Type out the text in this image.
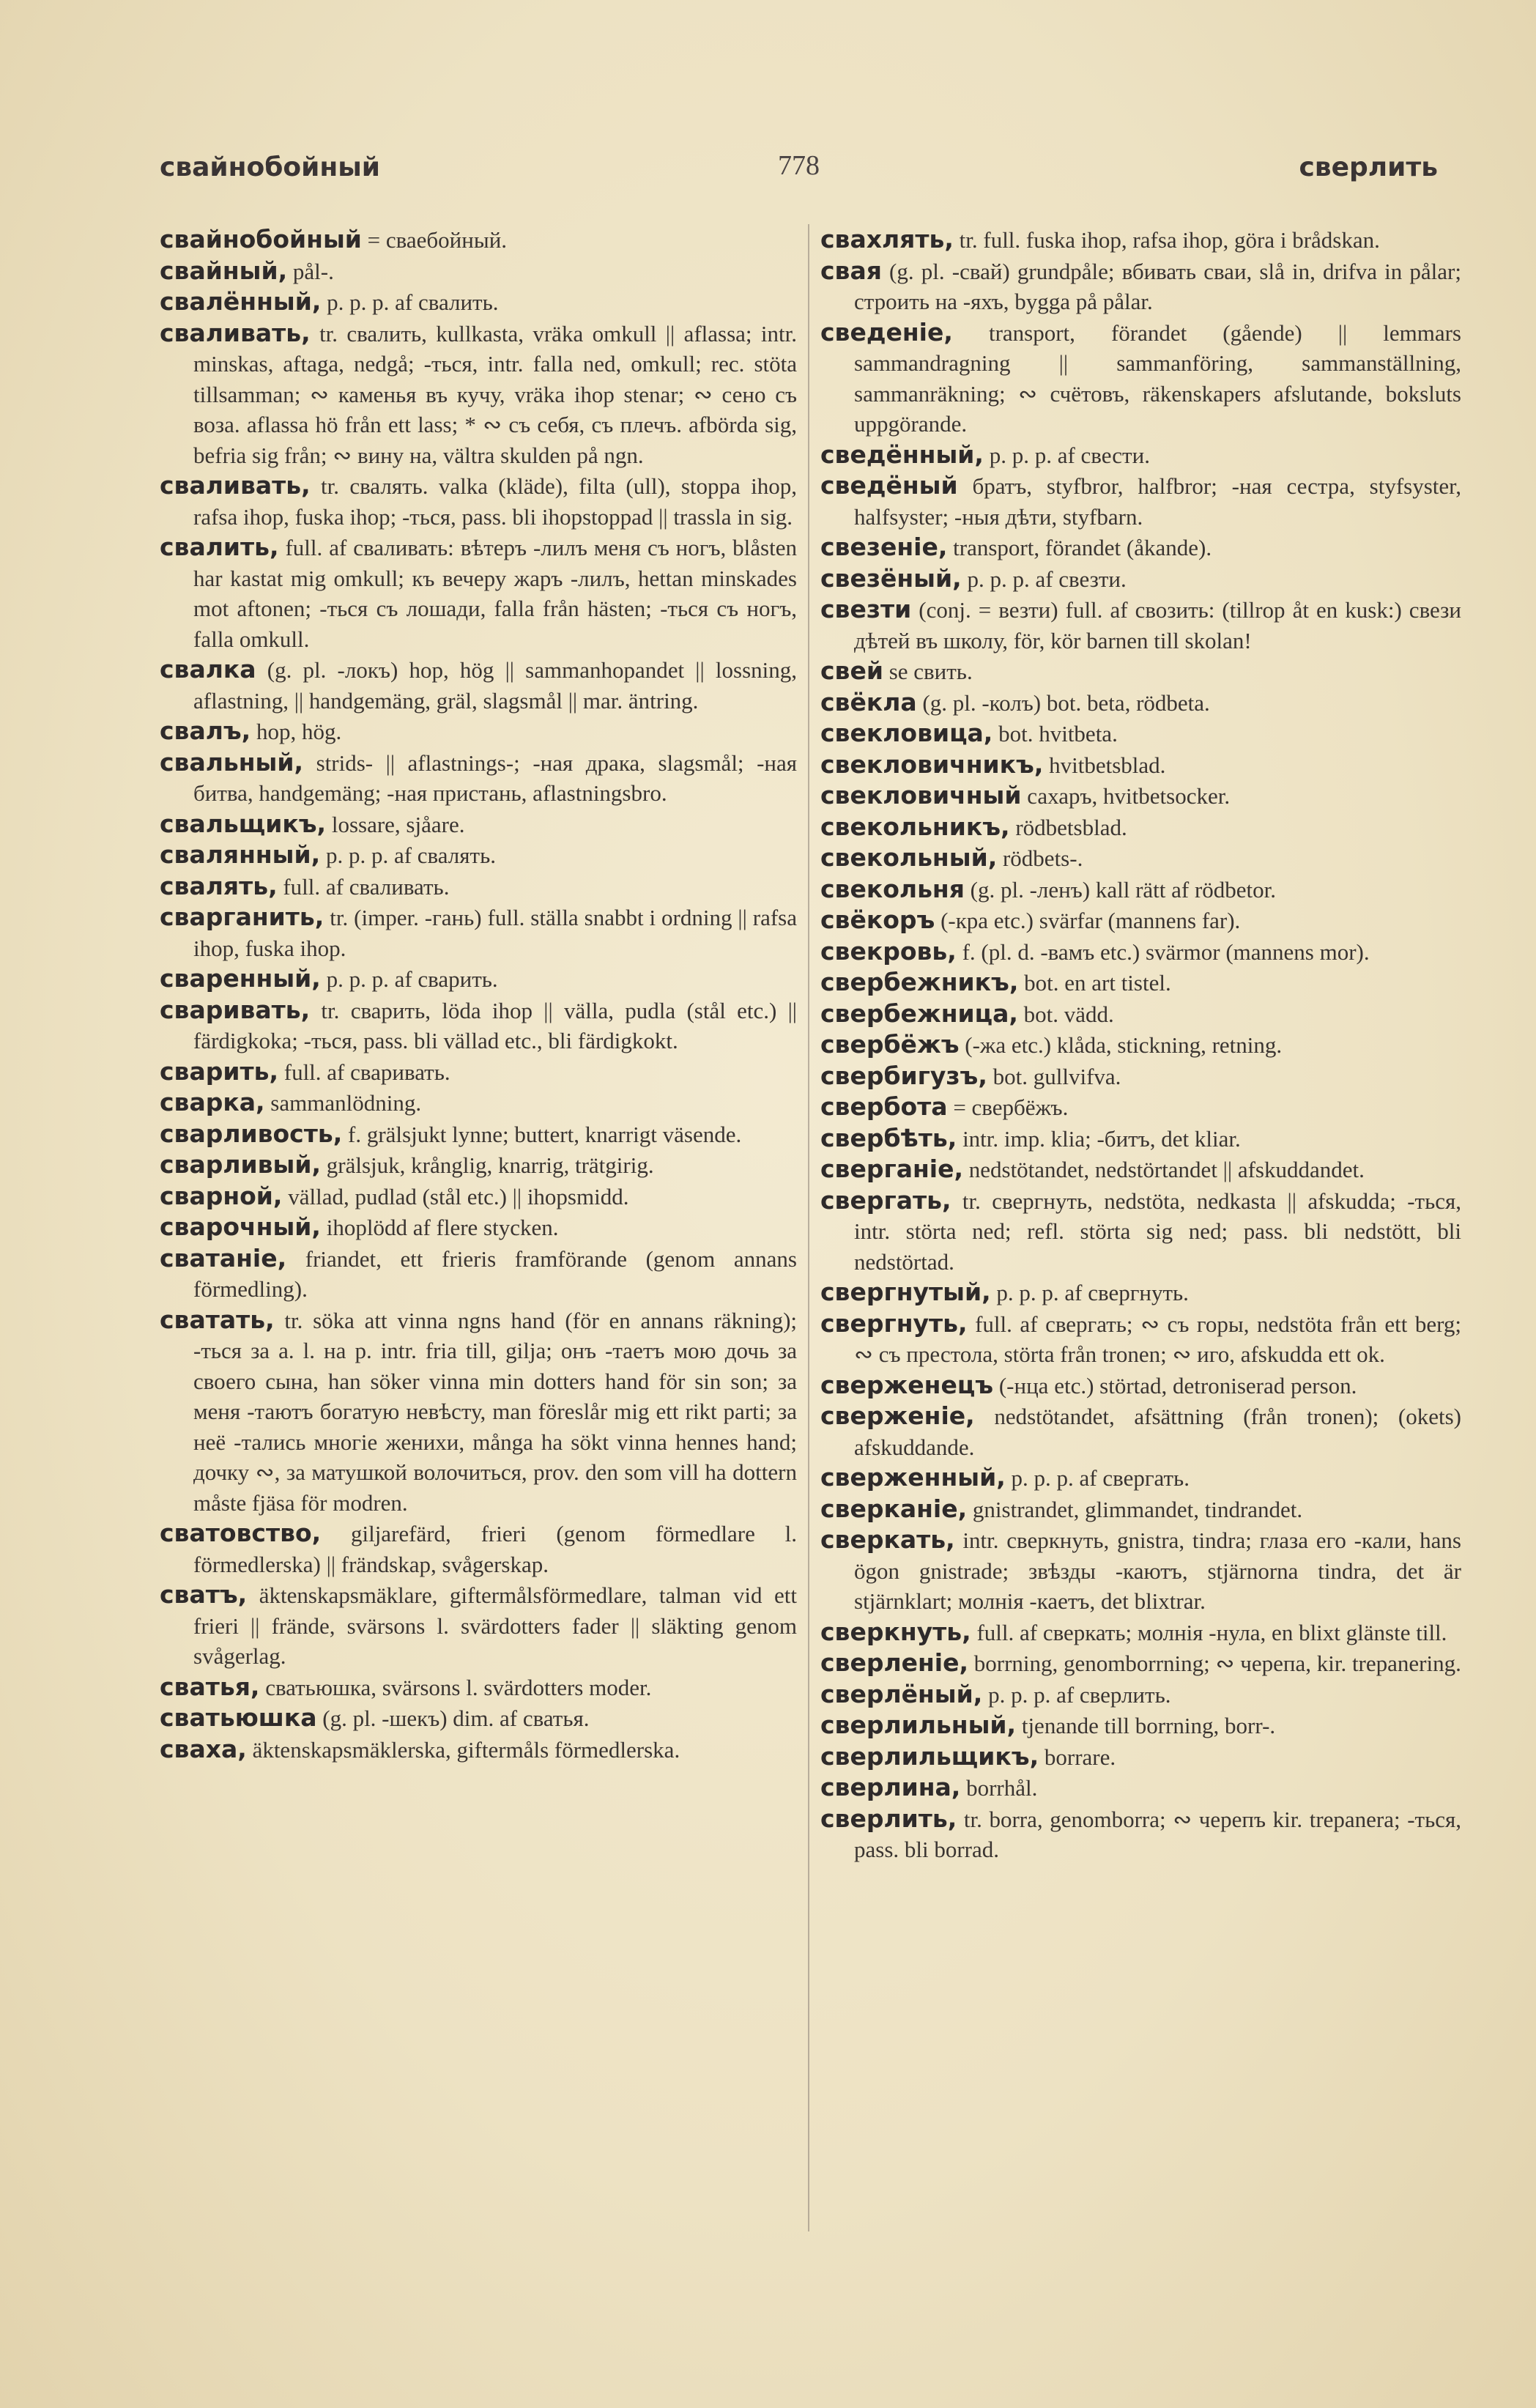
свайнобойный	778	сверлить

свайнобойный = сваебойный.

свайный, pål-.

свалённый, p. p. p. af свалить.

сваливать, tr. свалить, kullkasta, vräka omkull || aflassa; intr. minskas, aftaga, nedgå; -ться, intr. falla ned, omkull; rec. stöta tillsamman; ∾ каменья въ кучу, vräka ihop stenar; ∾ сено съ воза. aflassa hö från ett lass; * ∾ съ себя, съ плечъ. afbörda sig, befria sig från; ∾ вину на, vältra skulden på ngn.

сваливать, tr. свалять. valka (kläde), filta (ull), stoppa ihop, rafsa ihop, fuska ihop; -ться, pass. bli ihopstoppad || trassla in sig.

свалить, full. af сваливать: вѣтеръ -лилъ меня съ ногъ, blåsten har kastat mig omkull; къ вечеру жаръ -лилъ, hettan minskades mot aftonen; -ться съ лошади, falla från hästen; -ться съ ногъ, falla omkull.

свалка (g. pl. -локъ) hop, hög || sammanhopandet || lossning, aflastning, || handgemäng, gräl, slagsmål || mar. äntring.

свалъ, hop, hög.

свальный, strids- || aflastnings-; -ная драка, slagsmål; -ная битва, handgemäng; -ная пристань, aflastningsbro.

свальщикъ, lossare, sjåare.

свалянный, p. p. p. af свалять.

свалять, full. af сваливать.

сварганить, tr. (imper. -гань) full. ställa snabbt i ordning || rafsa ihop, fuska ihop.

сваренный, p. p. p. af сварить.

сваривать, tr. сварить, löda ihop || välla, pudla (stål etc.) || färdigkoka; -ться, pass. bli vällad etc., bli färdigkokt.

сварить, full. af сваривать.

сварка, sammanlödning.

сварливость, f. grälsjukt lynne; buttert, knarrigt väsende.

сварливый, grälsjuk, krånglig, knarrig, trätgirig.

сварной, vällad, pudlad (stål etc.) || ihopsmidd.

сварочный, ihoplödd af flere stycken.

сватаніе, friandet, ett frieris framförande (genom annans förmedling).

сватать, tr. söka att vinna ngns hand (för en annans räkning); -ться за a. l. на p. intr. fria till, gilja; онъ -таетъ мою дочь за своего сына, han söker vinna min dotters hand för sin son; за меня -таютъ богатую невѣсту, man föreslår mig ett rikt parti; за неё -тались многіе женихи, många ha sökt vinna hennes hand; дочку ∾, за матушкой волочиться, prov. den som vill ha dottern måste fjäsa för modren.

сватовство, giljarefärd, frieri (genom förmedlare l. förmedlerska) || frändskap, svågerskap.

сватъ, äktenskapsmäklare, giftermålsförmedlare, talman vid ett frieri || frände, svärsons l. svärdotters fader || släkting genom svågerlag.

сватья, сватьюшка, svärsons l. svärdotters moder.

сватьюшка (g. pl. -шекъ) dim. af сватья.

сваха, äktenskapsmäklerska, giftermåls förmedlerska.

свахлять, tr. full. fuska ihop, rafsa ihop, göra i brådskan.

свая (g. pl. -свай) grundpåle; вбивать сваи, slå in, drifva in pålar; строить на -яхъ, bygga på pålar.

сведеніе, transport, förandet (gående) || lemmars sammandragning || sammanföring, sammanställning, sammanräkning; ∾ счётовъ, räkenskapers afslutande, boksluts uppgörande.

сведённый, p. p. p. af свести.

сведёный братъ, styfbror, halfbror; -ная сестра, styfsyster, halfsyster; -ныя дѣти, styfbarn.

свезеніе, transport, förandet (åkande).

свезёный, p. p. p. af свезти.

свезти (conj. = везти) full. af свозить: (tillrop åt en kusk:) свези дѣтей въ школу, för, kör barnen till skolan!

свей se свить.

свёкла (g. pl. -колъ) bot. beta, rödbeta.

свекловица, bot. hvitbeta.

свекловичникъ, hvitbetsblad.

свекловичный сахаръ, hvitbetsocker.

свекольникъ, rödbetsblad.

свекольный, rödbets-.

свекольня (g. pl. -ленъ) kall rätt af rödbetor.

свёкоръ (-кра etc.) svärfar (mannens far).

свекровь, f. (pl. d. -вамъ etc.) svärmor (mannens mor).

свербежникъ, bot. en art tistel.

свербежница, bot. vädd.

свербёжъ (-жа etc.) klåda, stickning, retning.

свербигузъ, bot. gullvifva.

свербота = свербёжъ.

свербѣть, intr. imp. klia; -битъ, det kliar.

сверганіе, nedstötandet, nedstörtandet || afskuddandet.

свергать, tr. свергнуть, nedstöta, nedkasta || afskudda; -ться, intr. störta ned; refl. störta sig ned; pass. bli nedstött, bli nedstörtad.

свергнутый, p. p. p. af свергнуть.

свергнуть, full. af свергать; ∾ съ горы, nedstöta från ett berg; ∾ съ престола, störta från tronen; ∾ иго, afskudda ett ok.

сверженецъ (-нца etc.) störtad, detroniserad person.

сверженіе, nedstötandet, afsättning (från tronen); (okets) afskuddande.

сверженный, p. p. p. af свергать.

сверканіе, gnistrandet, glimmandet, tindrandet.

сверкать, intr. сверкнуть, gnistra, tindra; глаза его -кали, hans ögon gnistrade; звѣзды -каютъ, stjärnorna tindra, det är stjärnklart; молнія -каетъ, det blixtrar.

сверкнуть, full. af сверкать; молнія -нула, en blixt glänste till.

сверленіе, borrning, genomborrning; ∾ черепа, kir. trepanering.

сверлёный, p. p. p. af сверлить.

сверлильный, tjenande till borrning, borr-.

сверлильщикъ, borrare.

сверлина, borrhål.

сверлить, tr. borra, genomborra; ∾ черепъ kir. trepanera; -ться, pass. bli borrad.
